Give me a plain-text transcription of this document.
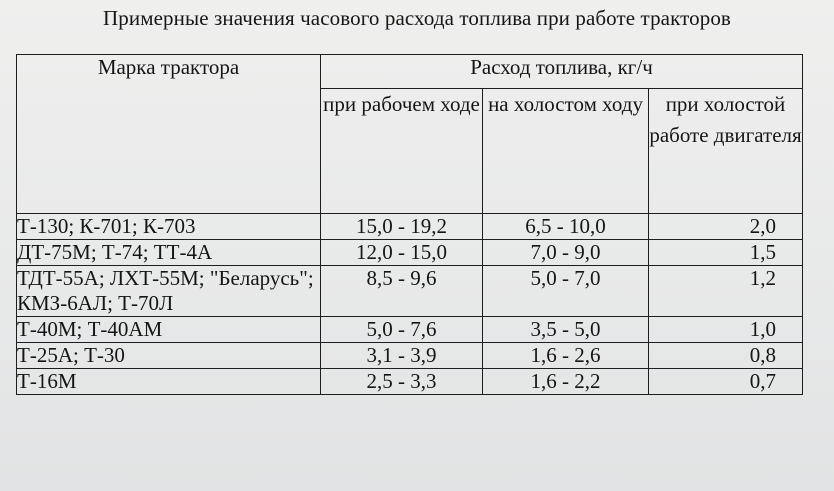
Примерные значения часового расхода топлива при работе тракторов
Марка трактора	Расход топлива, кг/ч		
	при рабочем ходе	на холостом ходу	при холостой работе двигателя
Т-130; К-701; К-703	15,0 - 19,2	6,5 - 10,0	2,0
ДТ-75М; Т-74; ТТ-4А	12,0 - 15,0	7,0 - 9,0	1,5
ТДТ-55А; ЛХТ-55М; "Беларусь"; КМЗ-6АЛ; Т-70Л	8,5 - 9,6	5,0 - 7,0	1,2
Т-40М; Т-40АМ	5,0 - 7,6	3,5 - 5,0	1,0
Т-25А; Т-30	3,1 - 3,9	1,6 - 2,6	0,8
Т-16М	2,5 - 3,3	1,6 - 2,2	0,7
